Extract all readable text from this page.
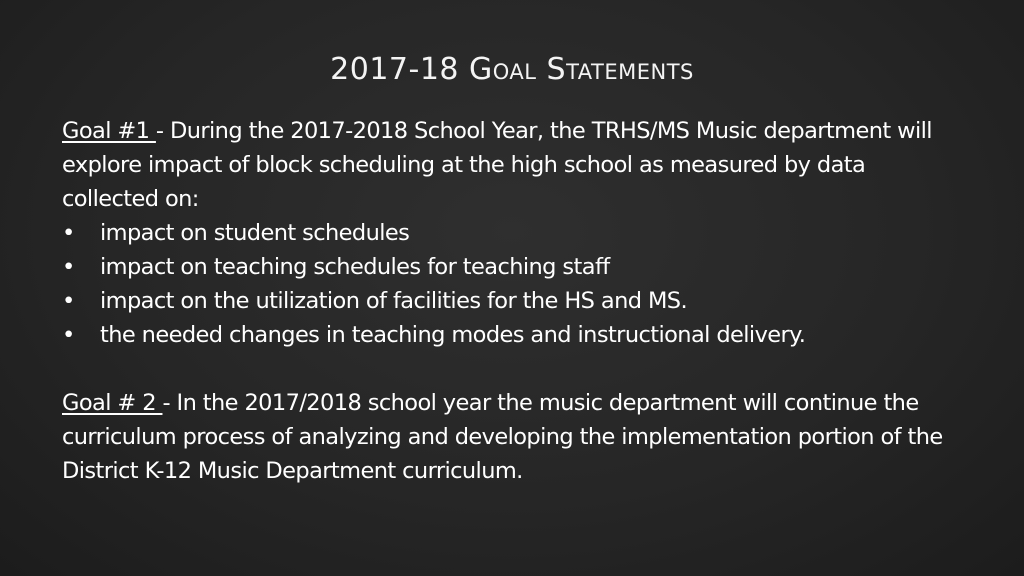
2017-18 Goal Statements

Goal #1 - During the 2017-2018 School Year, the TRHS/MS Music department will explore impact of block scheduling at the high school as measured by data collected on:

• impact on student schedules
• impact on teaching schedules for teaching staff
• impact on the utilization of facilities for the HS and MS.
• the needed changes in teaching modes and instructional delivery.

Goal # 2 - In the 2017/2018 school year the music department will continue the curriculum process of analyzing and developing the implementation portion of the District K-12 Music Department curriculum.
